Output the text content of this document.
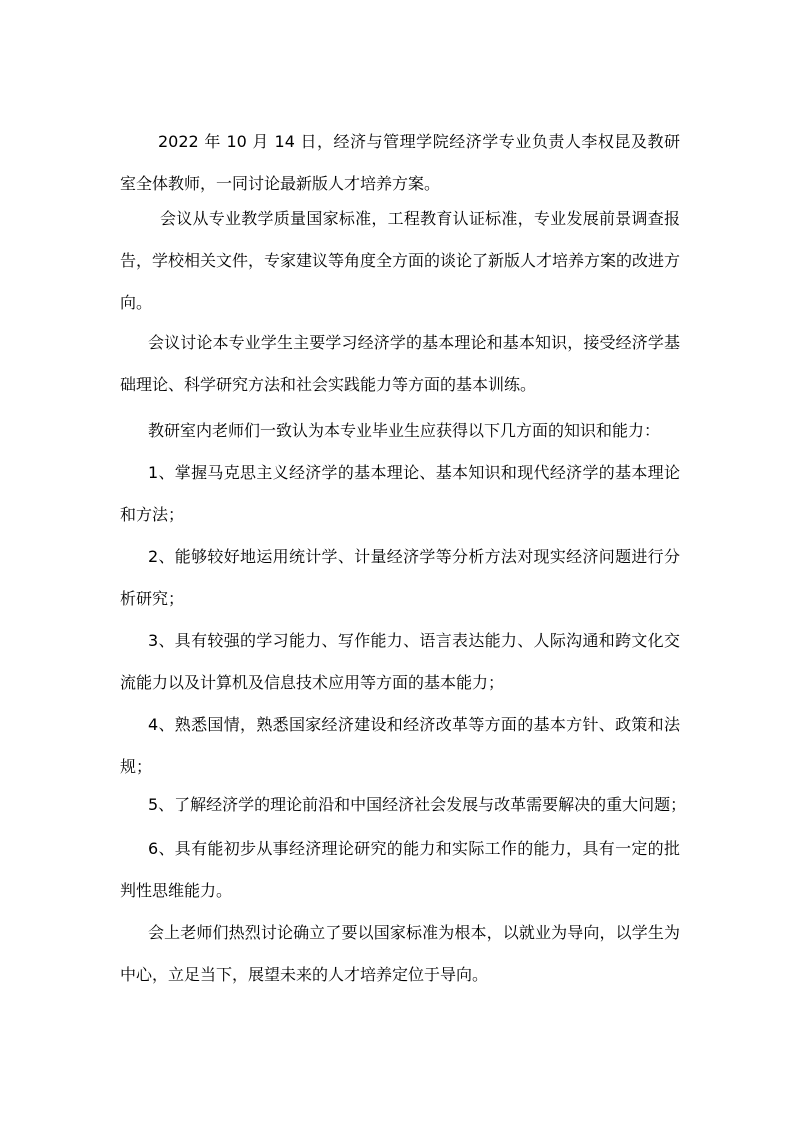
2022 年 10 月 14 日，经济与管理学院经济学专业负责人李权昆及教研室全体教师，一同讨论最新版人才培养方案。

会议从专业教学质量国家标准，工程教育认证标准，专业发展前景调查报告，学校相关文件，专家建议等角度全方面的谈论了新版人才培养方案的改进方向。

会议讨论本专业学生主要学习经济学的基本理论和基本知识，接受经济学基础理论、科学研究方法和社会实践能力等方面的基本训练。

教研室内老师们一致认为本专业毕业生应获得以下几方面的知识和能力：

1、掌握马克思主义经济学的基本理论、基本知识和现代经济学的基本理论和方法；

2、能够较好地运用统计学、计量经济学等分析方法对现实经济问题进行分析研究；

3、具有较强的学习能力、写作能力、语言表达能力、人际沟通和跨文化交流能力以及计算机及信息技术应用等方面的基本能力；

4、熟悉国情，熟悉国家经济建设和经济改革等方面的基本方针、政策和法规；

5、了解经济学的理论前沿和中国经济社会发展与改革需要解决的重大问题；

6、具有能初步从事经济理论研究的能力和实际工作的能力，具有一定的批判性思维能力。

会上老师们热烈讨论确立了要以国家标准为根本，以就业为导向，以学生为中心，立足当下，展望未来的人才培养定位于导向。
